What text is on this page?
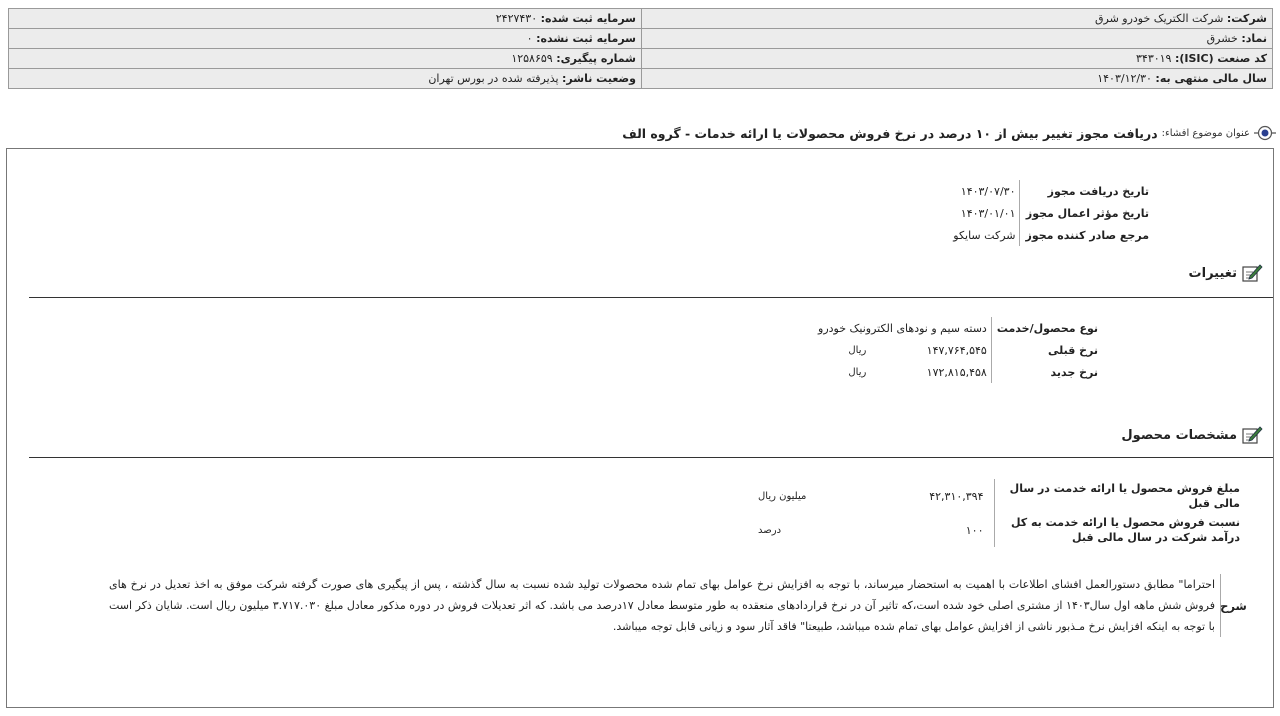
شرکت: شرکت الکتریک خودرو شرق	سرمایه ثبت شده: ۲۴۲۷۴۳۰
نماد: خشرق	سرمایه ثبت نشده: ۰
کد صنعت (ISIC): ۳۴۳۰۱۹	شماره پیگیری: ۱۲۵۸۶۵۹
سال مالی منتهی به: ۱۴۰۳/۱۲/۳۰	وضعیت ناشر: پذیرفته شده در بورس تهران
عنوان موضوع افشاء:
دریافت مجوز تغییر بیش از ۱۰ درصد در نرخ فروش محصولات یا ارائه خدمات - گروه الف
تاریخ دریافت مجوز	۱۴۰۳/۰۷/۳۰
تاریخ مؤثر اعمال مجوز	۱۴۰۳/۰۱/۰۱
مرجع صادر کننده مجوز	شرکت سایکو
تغییرات
نوع محصول/خدمت	دسته سیم و نودهای الکترونیک خودرو	
نرخ قبلی	۱۴۷,۷۶۴,۵۴۵	ریال
نرخ جدید	۱۷۲,۸۱۵,۴۵۸	ریال
مشخصات محصول
مبلغ فروش محصول یا ارائه خدمت در سال مالی قبل	۴۲,۳۱۰,۳۹۴	میلیون ریال
نسبت فروش محصول یا ارائه خدمت به کل درآمد شرکت در سال مالی قبل	۱۰۰	درصد
شرح
احتراما" مطابق دستورالعمل افشای اطلاعات با اهمیت به استحضار میرساند، با توجه به افزایش نرخ عوامل بهای تمام شده محصولات تولید شده نسبت به سال گذشته ، پس از پیگیری های صورت گرفته شرکت موفق به اخذ تعدیل در نرخ های فروش شش ماهه اول سال۱۴۰۳ از مشتری اصلی خود شده است،که تاثیر آن در نرخ قراردادهای منعقده به طور متوسط معادل ۱۷درصد می باشد. که اثر تعدیلات فروش در دوره مذکور معادل مبلغ ۳.۷۱۷.۰۳۰ میلیون ریال است. شایان ذکر است با توجه به اینکه افزایش نرخ مـذبور ناشی از افزایش عوامل بهای تمام شده میباشد، طبیعتا" فاقد آثار سود و زیانی قابل توجه میباشد.
